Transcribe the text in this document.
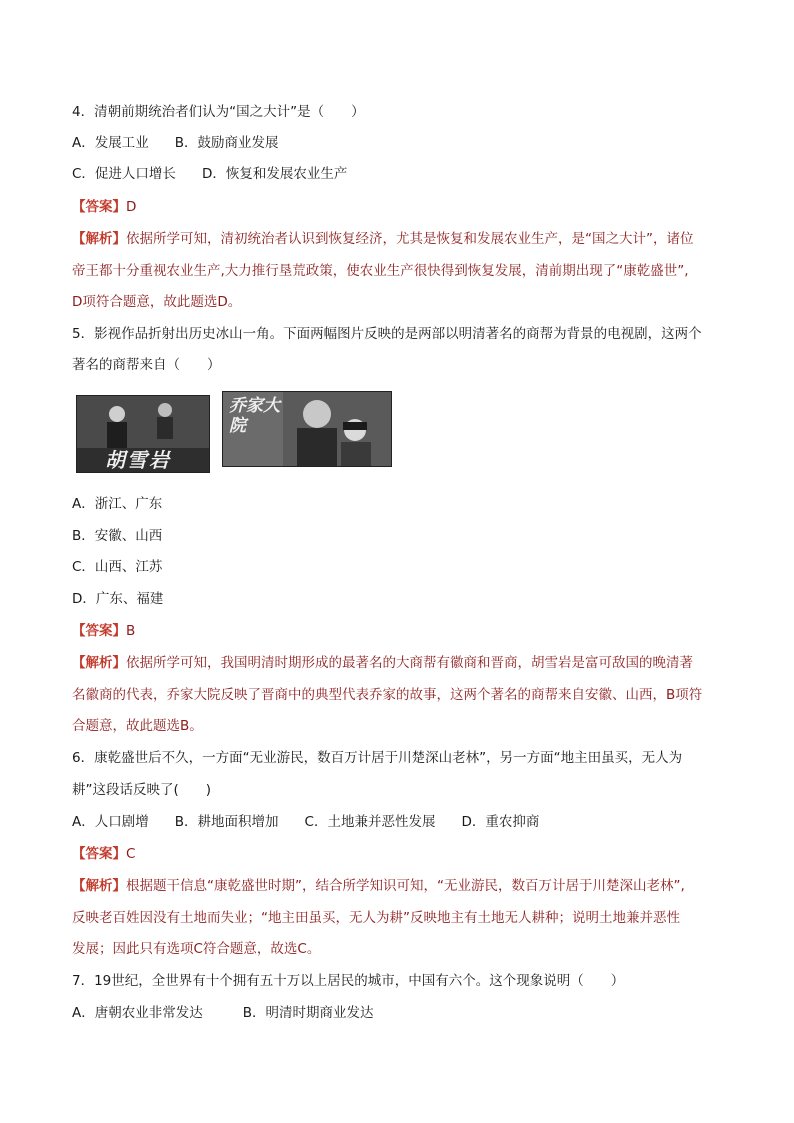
4．清朝前期统治者们认为“国之大计”是（　　）
A．发展工业 B．鼓励商业发展
C．促进人口增长 D．恢复和发展农业生产
【答案】D
【解析】依据所学可知，清初统治者认识到恢复经济，尤其是恢复和发展农业生产，是“国之大计”，诸位
帝王都十分重视农业生产,大力推行垦荒政策，使农业生产很快得到恢复发展，清前期出现了“康乾盛世”,
D项符合题意，故此题选D。
5．影视作品折射出历史冰山一角。下面两幅图片反映的是两部以明清著名的商帮为背景的电视剧，这两个
著名的商帮来自（　　）
胡雪岩
乔家大院
A．浙江、广东
B．安徽、山西
C．山西、江苏
D．广东、福建
【答案】B
【解析】依据所学可知，我国明清时期形成的最著名的大商帮有徽商和晋商，胡雪岩是富可敌国的晚清著
名徽商的代表，乔家大院反映了晋商中的典型代表乔家的故事，这两个著名的商帮来自安徽、山西，B项符
合题意，故此题选B。
6．康乾盛世后不久，一方面“无业游民，数百万计居于川楚深山老林”，另一方面“地主田虽买，无人为
耕”这段话反映了(　　)
A．人口剧增 B．耕地面积增加 C．土地兼并恶性发展 D．重农抑商
【答案】C
【解析】根据题干信息“康乾盛世时期”，结合所学知识可知，“无业游民，数百万计居于川楚深山老林”,
反映老百姓因没有土地而失业；“地主田虽买，无人为耕”反映地主有土地无人耕种；说明土地兼并恶性
发展；因此只有选项C符合题意，故选C。
7．19世纪，全世界有十个拥有五十万以上居民的城市，中国有六个。这个现象说明（　　）
A．唐朝农业非常发达	B．明清时期商业发达
